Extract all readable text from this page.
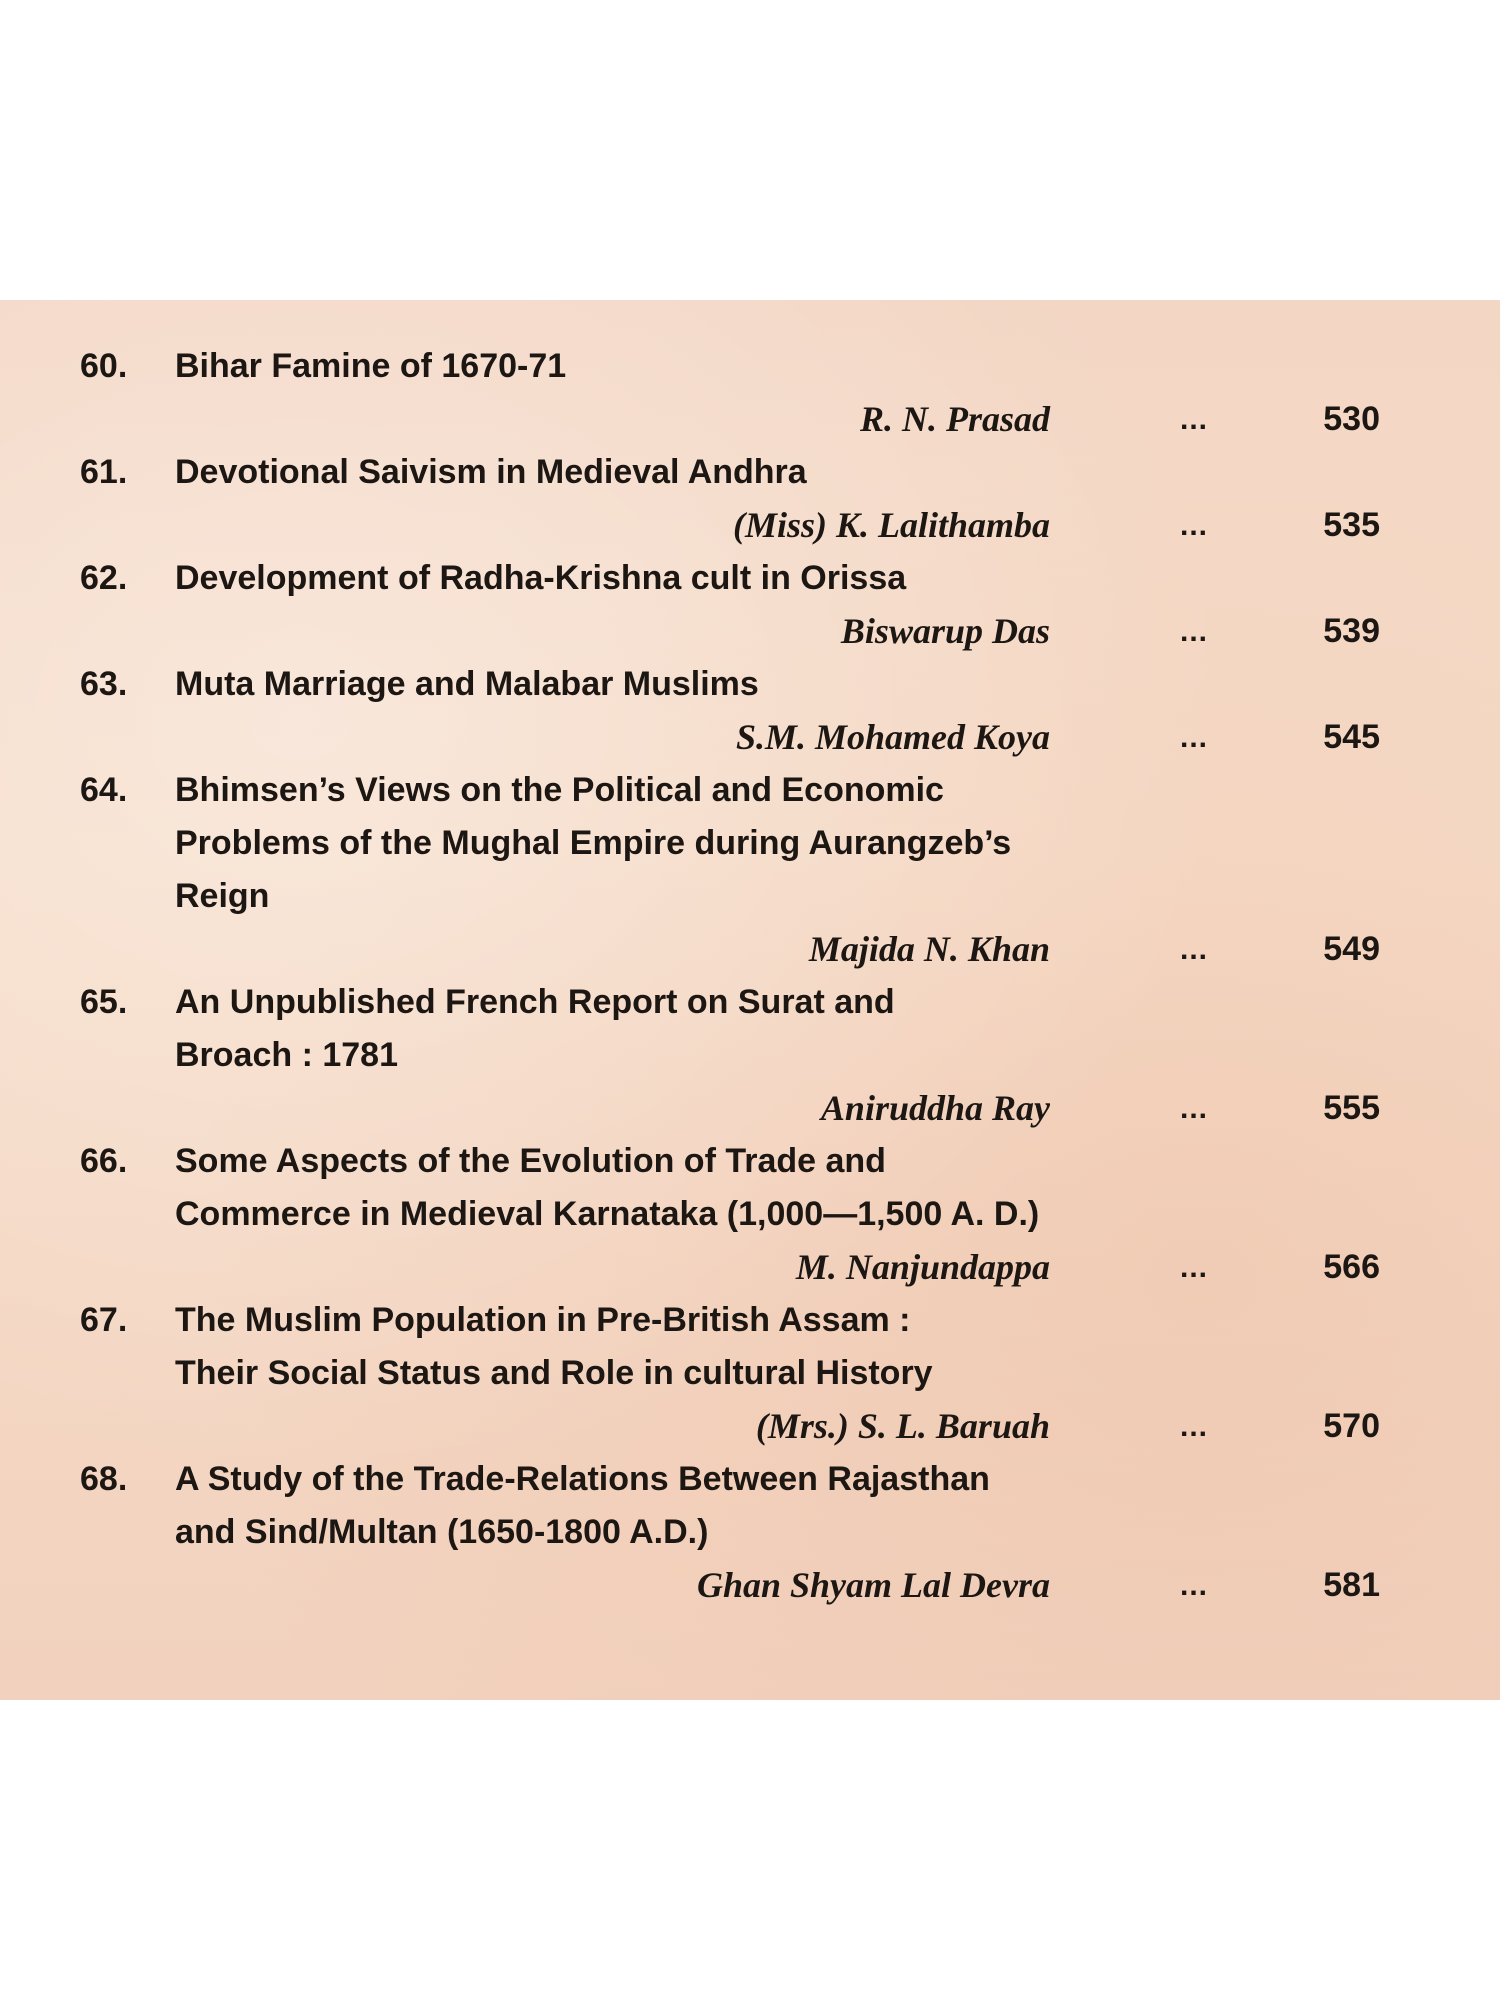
60.	Bihar Famine of 1670-71
R. N. Prasad	...	530
61.	Devotional Saivism in Medieval Andhra
(Miss) K. Lalithamba	...	535
62.	Development of Radha-Krishna cult in Orissa
Biswarup Das	...	539
63.	Muta Marriage and Malabar Muslims
S.M. Mohamed Koya	...	545
64.	Bhimsen’s Views on the Political and Economic
Problems of the Mughal Empire during Aurangzeb’s
Reign
Majida N. Khan	...	549
65.	An Unpublished French Report on Surat and
Broach : 1781
Aniruddha Ray	...	555
66.	Some Aspects of the Evolution of Trade and
Commerce in Medieval Karnataka (1,000—1,500 A. D.)
M. Nanjundappa	...	566
67.	The Muslim Population in Pre-British Assam :
Their Social Status and Role in cultural History
(Mrs.) S. L. Baruah	...	570
68.	A Study of the Trade-Relations Between Rajasthan
and Sind/Multan (1650-1800 A.D.)
Ghan Shyam Lal Devra	...	581
